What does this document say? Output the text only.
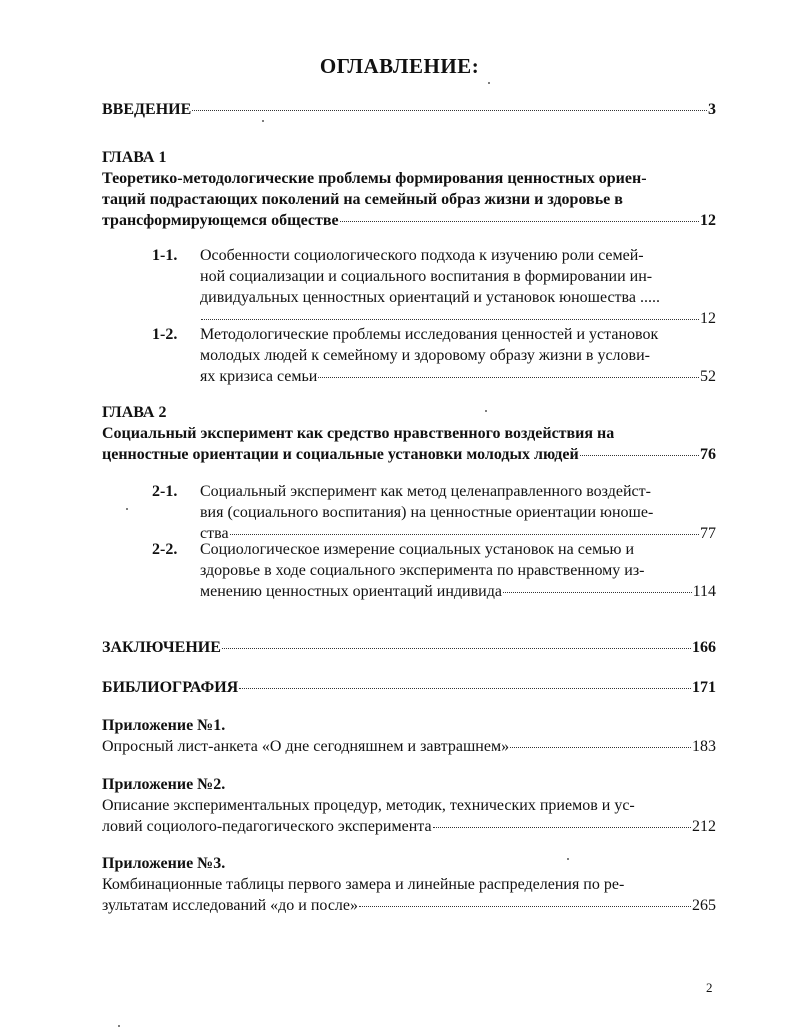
ОГЛАВЛЕНИЕ:
ВВЕДЕНИЕ	3
ГЛАВА 1
Теоретико-методологические проблемы формирования ценностных ориен-
таций подрастающих поколений на семейный образ жизни и здоровье в
трансформирующемся обществе	12
1-1. Особенности социологического подхода к изучению роли семей-
ной социализации и социального воспитания в формировании ин-
дивидуальных ценностных ориентаций и установок юношества .....
12
1-2. Методологические проблемы исследования ценностей и установок
молодых людей к семейному и здоровому образу жизни в услови-
ях кризиса семьи	52
ГЛАВА 2
Социальный эксперимент как средство нравственного воздействия на
ценностные ориентации и социальные установки молодых людей	76
2-1. Социальный эксперимент как метод целенаправленного воздейст-
вия (социального воспитания) на ценностные ориентации юноше-
ства	77
2-2. Социологическое измерение социальных установок на семью и
здоровье в ходе социального эксперимента по нравственному из-
менению ценностных ориентаций индивида	114
ЗАКЛЮЧЕНИЕ	166
БИБЛИОГРАФИЯ	171
Приложение №1.
Опросный лист-анкета «О дне сегодняшнем и завтрашнем»	183
Приложение №2.
Описание экспериментальных процедур, методик, технических приемов и ус-
ловий социолого-педагогического эксперимента	212
Приложение №3.
Комбинационные таблицы первого замера и линейные распределения по ре-
зультатам исследований «до и после»	265
2
